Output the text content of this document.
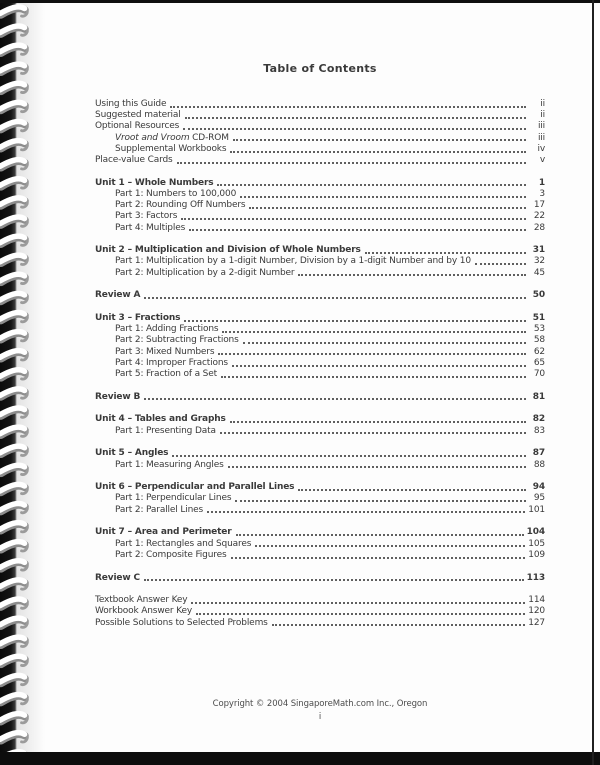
Table of Contents
Using this Guide	ii
Suggested material	ii
Optional Resources	iii
Vroot and Vroom CD-ROM	iii
Supplemental Workbooks	iv
Place-value Cards	v
Unit 1 – Whole Numbers	1
Part 1: Numbers to 100,000	3
Part 2: Rounding Off Numbers	17
Part 3: Factors	22
Part 4: Multiples	28
Unit 2 – Multiplication and Division of Whole Numbers	31
Part 1: Multiplication by a 1-digit Number, Division by a 1-digit Number and by 10	32
Part 2: Multiplication by a 2-digit Number	45
Review A	50
Unit 3 – Fractions	51
Part 1: Adding Fractions	53
Part 2: Subtracting Fractions	58
Part 3: Mixed Numbers	62
Part 4: Improper Fractions	65
Part 5: Fraction of a Set	70
Review B	81
Unit 4 – Tables and Graphs	82
Part 1: Presenting Data	83
Unit 5 – Angles	87
Part 1: Measuring Angles	88
Unit 6 – Perpendicular and Parallel Lines	94
Part 1: Perpendicular Lines	95
Part 2: Parallel Lines	101
Unit 7 – Area and Perimeter	104
Part 1: Rectangles and Squares	105
Part 2: Composite Figures	109
Review C	113
Textbook Answer Key	114
Workbook Answer Key	120
Possible Solutions to Selected Problems	127
Copyright © 2004 SingaporeMath.com Inc., Oregon
i
